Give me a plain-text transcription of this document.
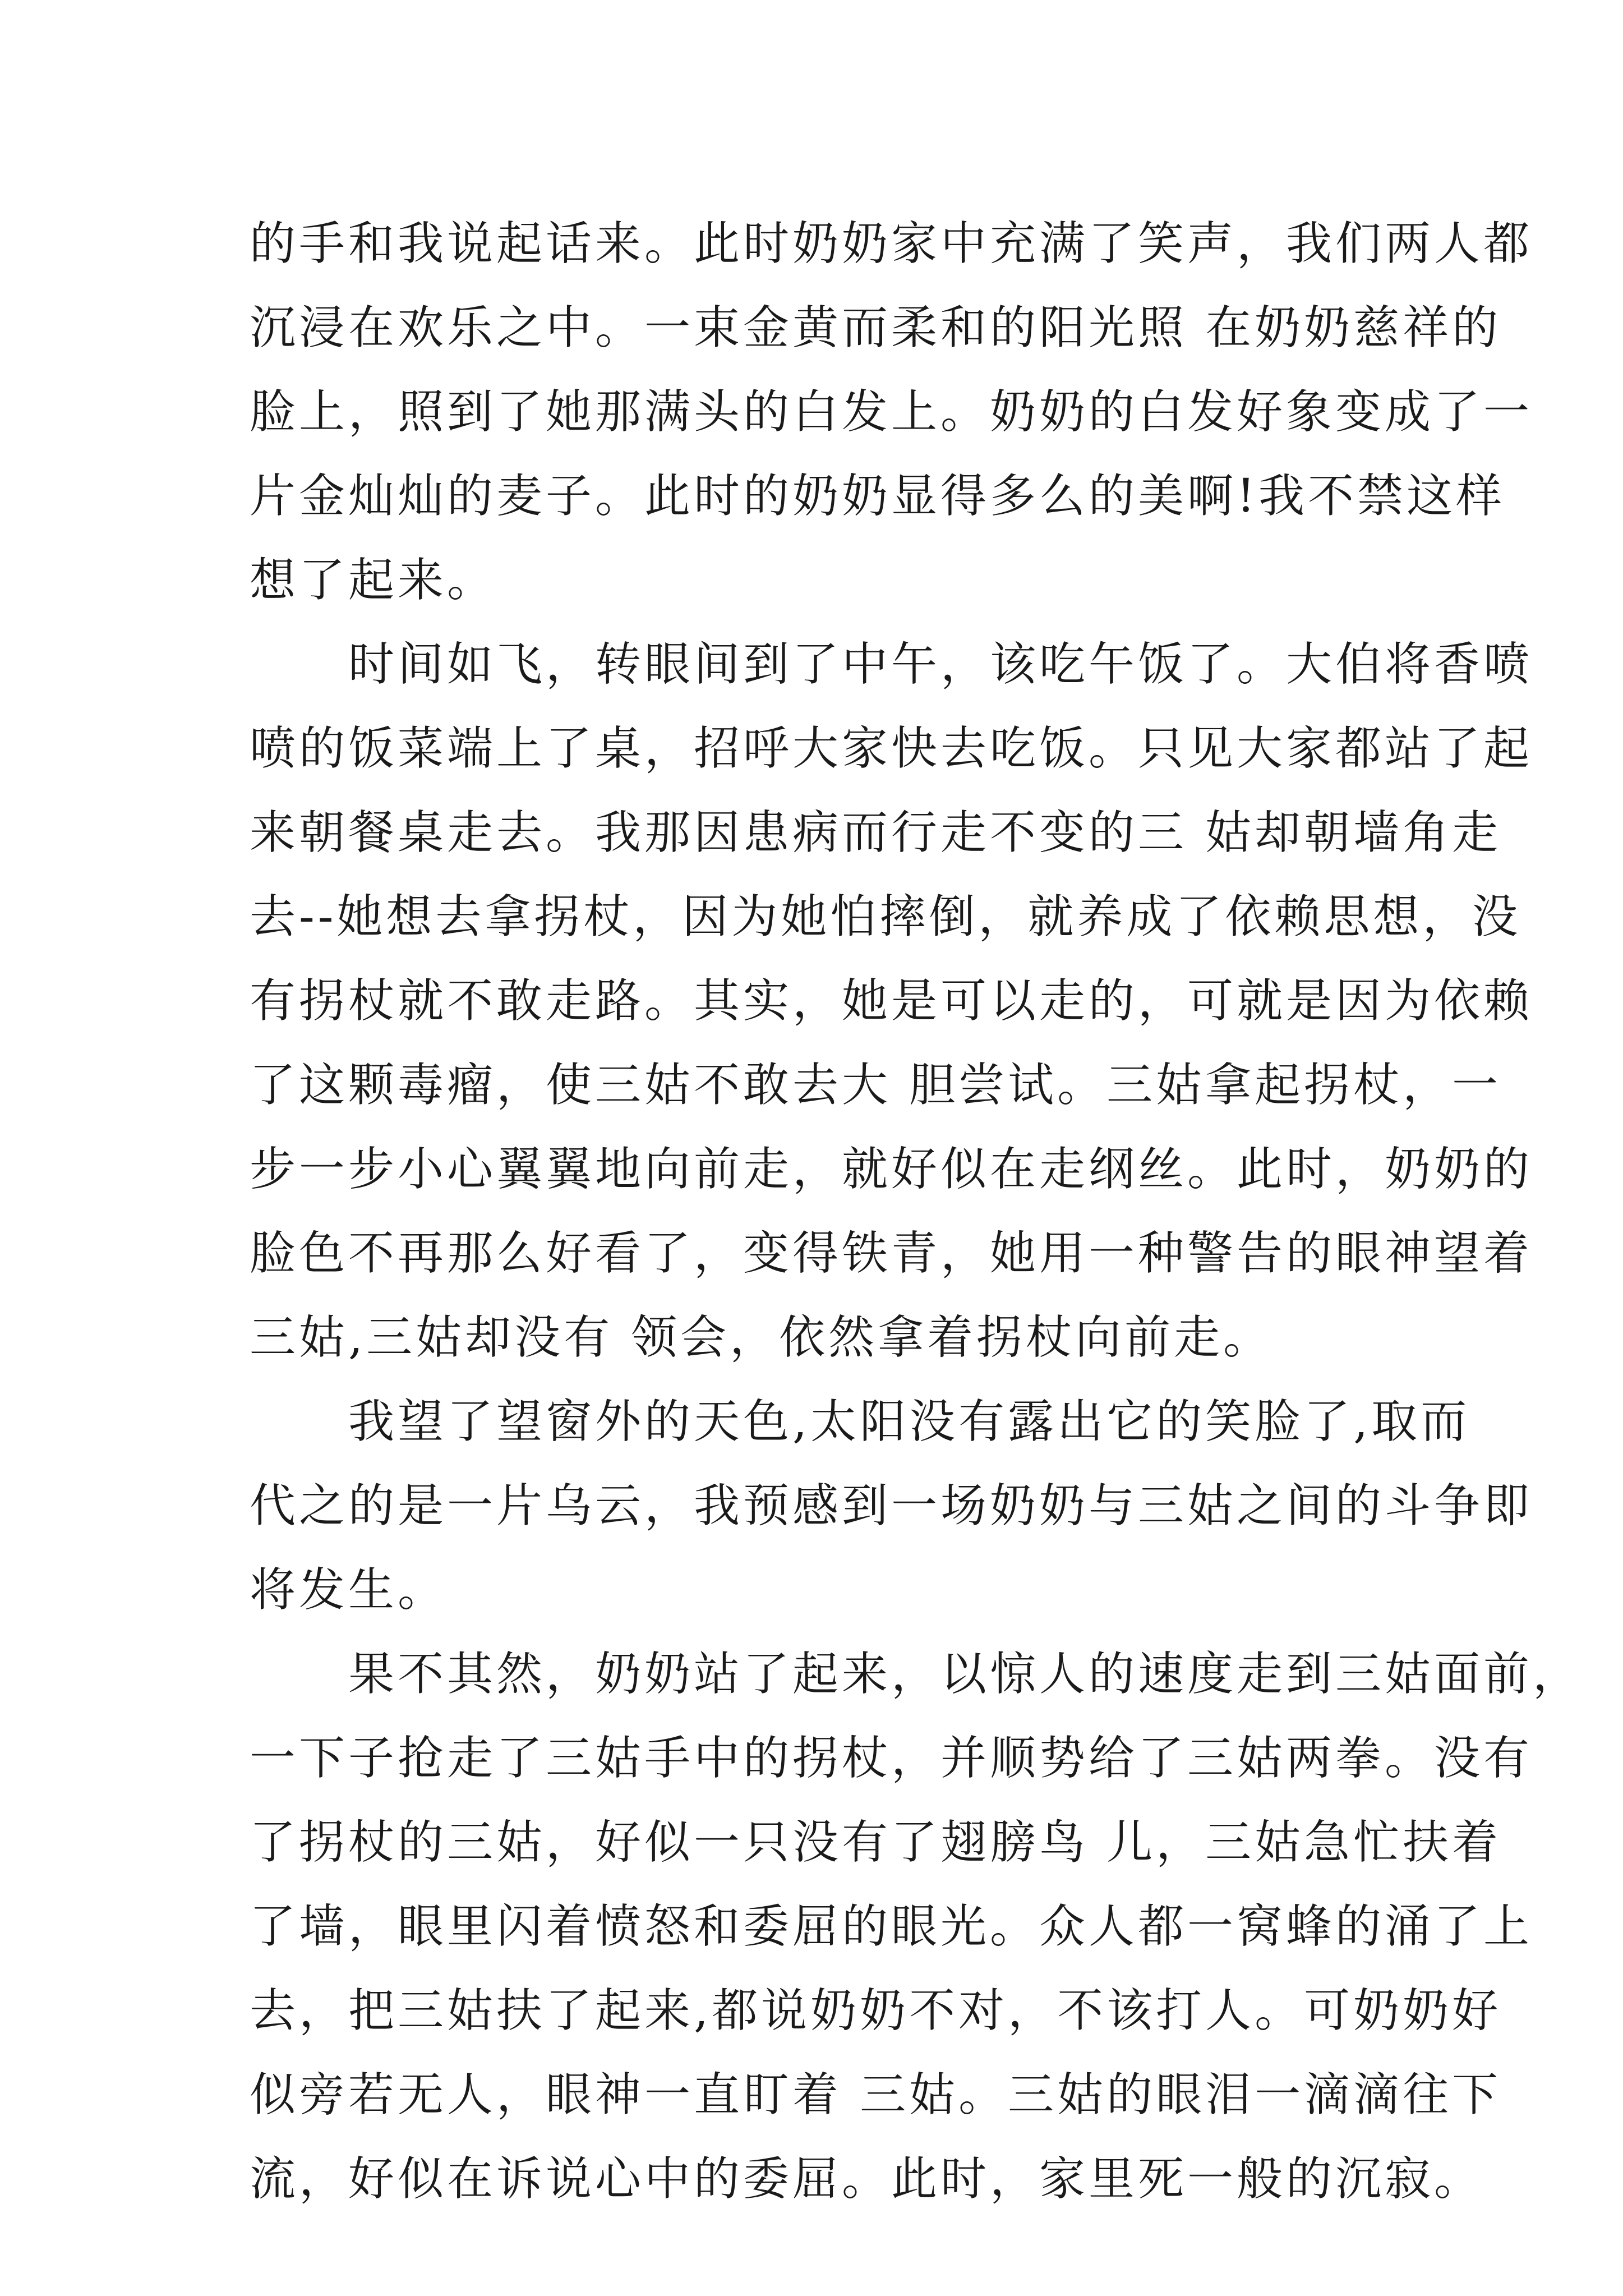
的手和我说起话来。此时奶奶家中充满了笑声，我们两人都
沉浸在欢乐之中。一束金黄而柔和的阳光照 在奶奶慈祥的
脸上，照到了她那满头的白发上。奶奶的白发好象变成了一
片金灿灿的麦子。此时的奶奶显得多么的美啊!我不禁这样
想了起来。
　　时间如飞，转眼间到了中午，该吃午饭了。大伯将香喷
喷的饭菜端上了桌，招呼大家快去吃饭。只见大家都站了起
来朝餐桌走去。我那因患病而行走不变的三 姑却朝墙角走
去--她想去拿拐杖，因为她怕摔倒，就养成了依赖思想，没
有拐杖就不敢走路。其实，她是可以走的，可就是因为依赖
了这颗毒瘤，使三姑不敢去大 胆尝试。三姑拿起拐杖，一
步一步小心翼翼地向前走，就好似在走纲丝。此时，奶奶的
脸色不再那么好看了，变得铁青，她用一种警告的眼神望着
三姑,三姑却没有 领会，依然拿着拐杖向前走。
　　我望了望窗外的天色,太阳没有露出它的笑脸了,取而
代之的是一片乌云，我预感到一场奶奶与三姑之间的斗争即
将发生。
　　果不其然，奶奶站了起来，以惊人的速度走到三姑面前，
一下子抢走了三姑手中的拐杖，并顺势给了三姑两拳。没有
了拐杖的三姑，好似一只没有了翅膀鸟 儿，三姑急忙扶着
了墙，眼里闪着愤怒和委屈的眼光。众人都一窝蜂的涌了上
去，把三姑扶了起来,都说奶奶不对，不该打人。可奶奶好
似旁若无人，眼神一直盯着 三姑。三姑的眼泪一滴滴往下
流，好似在诉说心中的委屈。此时，家里死一般的沉寂。
